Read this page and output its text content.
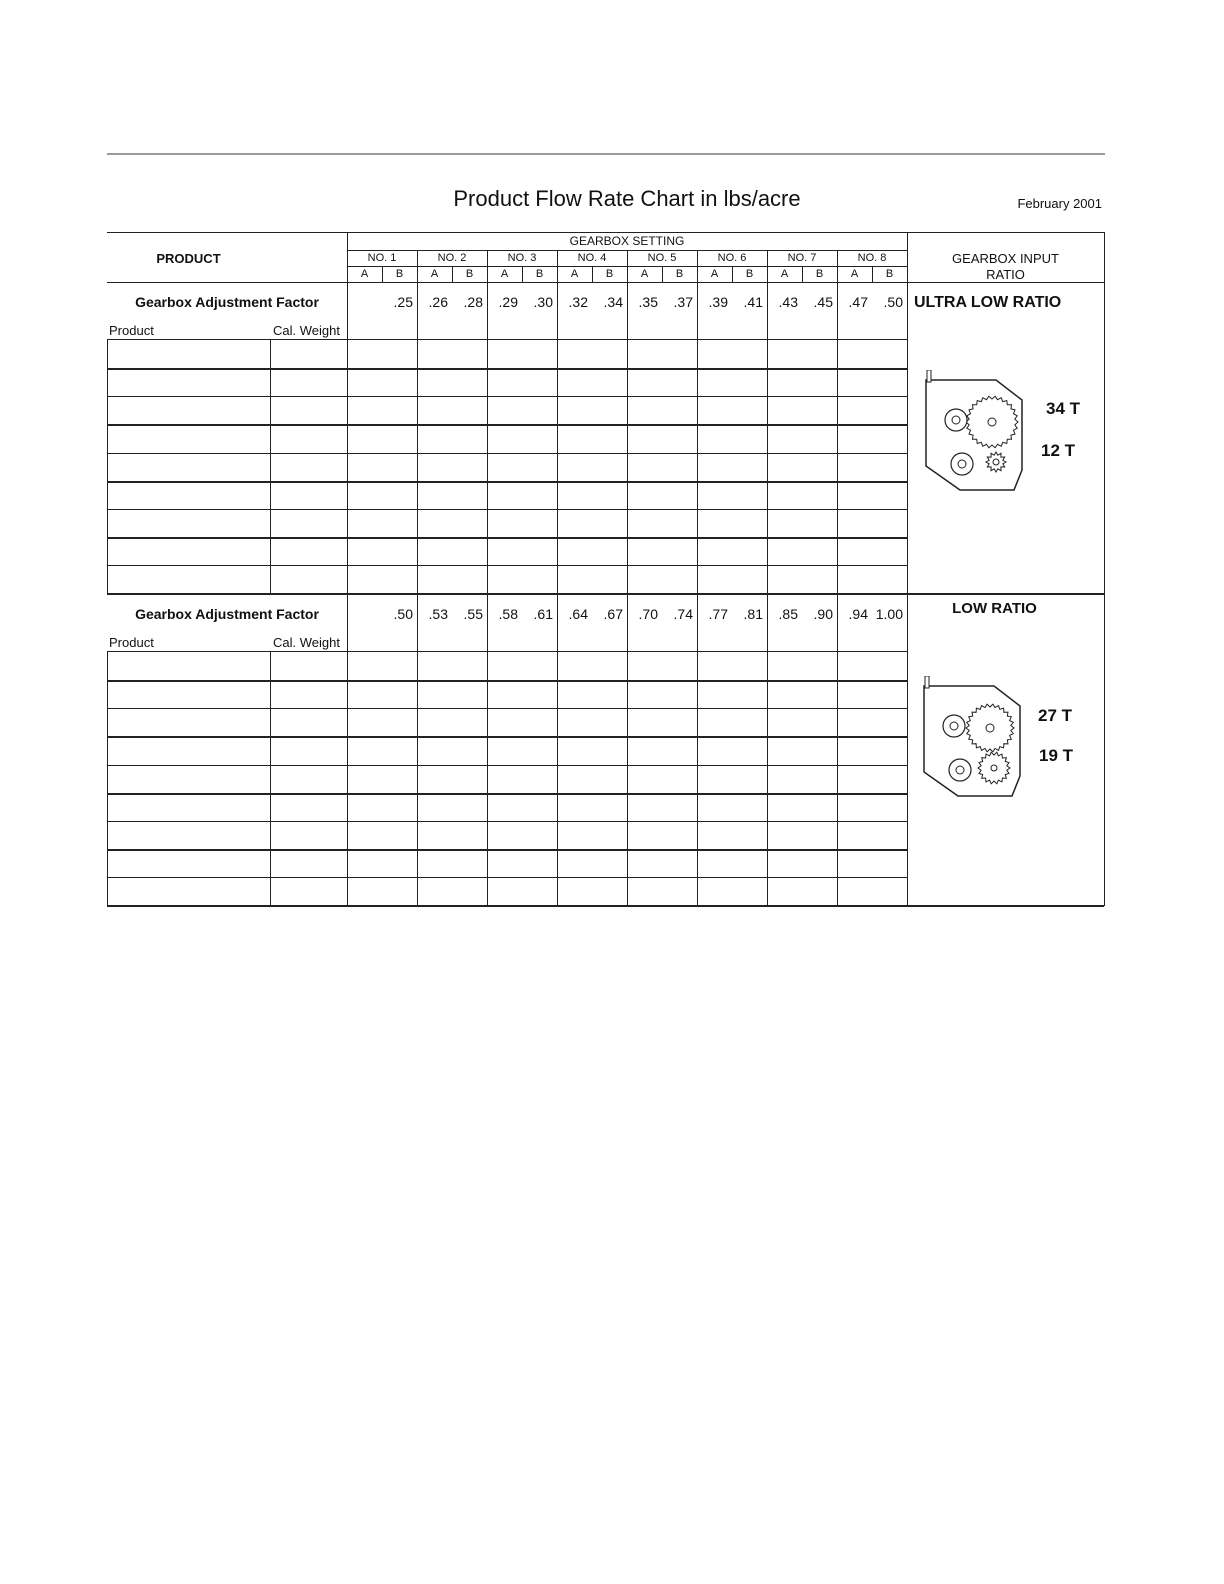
Product Flow Rate Chart in lbs/acre	February 2001
PRODUCT
GEARBOX SETTING
GEARBOX INPUT
RATIO
NO. 1
A	B
NO. 2
A	B
NO. 3
A	B
NO. 4
A	B
NO. 5
A	B
NO. 6
A	B
NO. 7
A	B
NO. 8
A	B
Gearbox Adjustment Factor	.25	.26	.28	.29	.30	.32	.34	.35	.37	.39	.41	.43	.45	.47	.50
Product	Cal. Weight
ULTRA LOW RATIO
34 T
12 T
Gearbox Adjustment Factor	.50	.53	.55	.58	.61	.64	.67	.70	.74	.77	.81	.85	.90	.94 1.00
Product	Cal. Weight
LOW RATIO
27 T
19 T
